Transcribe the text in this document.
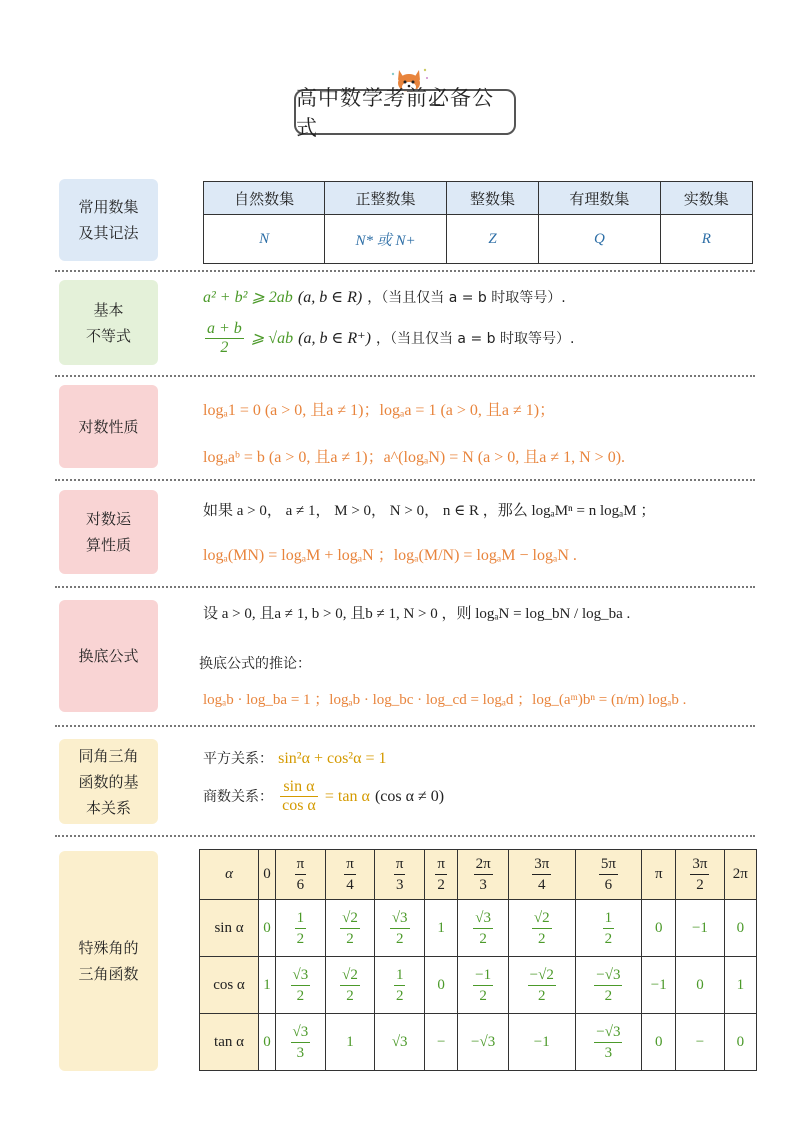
高中数学考前必备公式
常用数集
及其记法
自然数集	正整数集	整数集	有理数集	实数集
N	N* 或 N+	Z	Q	R
基本
不等式
a² + b² ⩾ 2ab (a, b ∈ R) ，（当且仅当 a = b 时取等号）.
$\frac{a + b}{2}$ ⩾ √ab (a, b ∈ R⁺) ，（当且仅当 a = b 时取等号）.
对数性质
logₐ1 = 0 (a > 0, 且a ≠ 1)；logₐa = 1 (a > 0, 且a ≠ 1)；
logₐaᵇ = b (a > 0, 且a ≠ 1)；a^(logₐN) = N (a > 0, 且a ≠ 1, N > 0).
对数运
算性质
如果 a > 0， a ≠ 1， M > 0， N > 0， n ∈ R ，那么 logₐMⁿ = n logₐM ；
logₐ(MN) = logₐM + logₐN ；logₐ(M/N) = logₐM − logₐN .
换底公式
设 a > 0, 且a ≠ 1, b > 0, 且b ≠ 1, N > 0 ，则 logₐN = log_bN / log_ba .
换底公式的推论：
logₐb · log_ba = 1 ；logₐb · log_bc · log_cd = logₐd ；log_(aᵐ)bⁿ = (n/m) logₐb .
同角三角
函数的基
本关系
平方关系： sin²α + cos²α = 1
商数关系： $\frac{\text{sin α}}{\text{cos α}} = \tan \alpha$ (cos α ≠ 0)
特殊角的
三角函数
α	0	$\frac{\pi}{6}$	$\frac{\pi}{4}$	$\frac{\pi}{3}$	$\frac{\pi}{2}$	$\frac{2\pi}{3}$	$\frac{3\pi}{4}$	$\frac{5\pi}{6}$	π	$\frac{3\pi}{2}$	2π
sin α	0	$\frac{1}{2}$	$\frac{√2}{2}$	$\frac{√3}{2}$	1	$\frac{√3}{2}$	$\frac{√2}{2}$	$\frac{1}{2}$	0	−1	0
cos α	1	$\frac{√3}{2}$	$\frac{√2}{2}$	$\frac{1}{2}$	0	$\frac{-1}{2}$	$\frac{-√2}{2}$	$\frac{-√3}{2}$	−1	0	1
tan α	0	$\frac{√3}{3}$	1	√3	−	−√3	−1	$\frac{-√3}{3}$	0	−	0
